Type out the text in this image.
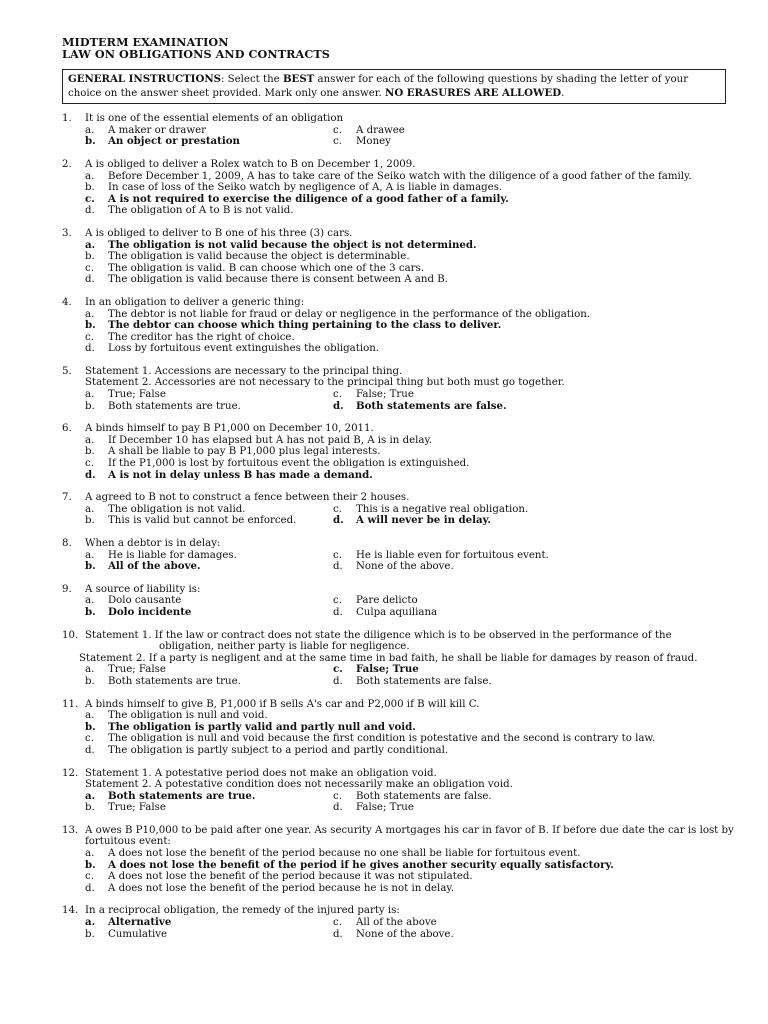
MIDTERM EXAMINATION
LAW ON OBLIGATIONS AND CONTRACTS
GENERAL INSTRUCTIONS: Select the BEST answer for each of the following questions by shading the letter of your choice on the answer sheet provided. Mark only one answer. NO ERASURES ARE ALLOWED.
1.	It is one of the essential elements of an obligation
a.	A maker or drawer	c.	A drawee
b.	An object or prestation	c.	Money
2.	A is obliged to deliver a Rolex watch to B on December 1, 2009.
a.	Before December 1, 2009, A has to take care of the Seiko watch with the diligence of a good father of the family.
b.	In case of loss of the Seiko watch by negligence of A, A is liable in damages.
c.	A is not required to exercise the diligence of a good father of a family.
d.	The obligation of A to B is not valid.
3.	A is obliged to deliver to B one of his three (3) cars.
a.	The obligation is not valid because the object is not determined.
b.	The obligation is valid because the object is determinable.
c.	The obligation is valid. B can choose which one of the 3 cars.
d.	The obligation is valid because there is consent between A and B.
4.	In an obligation to deliver a generic thing:
a.	The debtor is not liable for fraud or delay or negligence in the performance of the obligation.
b.	The debtor can choose which thing pertaining to the class to deliver.
c.	The creditor has the right of choice.
d.	Loss by fortuitous event extinguishes the obligation.
5.	Statement 1. Accessions are necessary to the principal thing.
Statement 2. Accessories are not necessary to the principal thing but both must go together.
a.	True; False	c.	False; True
b.	Both statements are true.	d.	Both statements are false.
6.	A binds himself to pay B P1,000 on December 10, 2011.
a.	If December 10 has elapsed but A has not paid B, A is in delay.
b.	A shall be liable to pay B P1,000 plus legal interests.
c.	If the P1,000 is lost by fortuitous event the obligation is extinguished.
d.	A is not in delay unless B has made a demand.
7.	A agreed to B not to construct a fence between their 2 houses.
a.	The obligation is not valid.	c.	This is a negative real obligation.
b.	This is valid but cannot be enforced.	d.	A will never be in delay.
8.	When a debtor is in delay:
a.	He is liable for damages.	c.	He is liable even for fortuitous event.
b.	All of the above.	d.	None of the above.
9.	A source of liability is:
a.	Dolo causante	c.	Pare delicto
b.	Dolo incidente	d.	Culpa aquiliana
10. Statement 1. If the law or contract does not state the diligence which is to be observed in the performance of the
obligation, neither party is liable for negligence.
Statement 2. If a party is negligent and at the same time in bad faith, he shall be liable for damages by reason of fraud.
a.	True; False	c.	False; True
b.	Both statements are true.	d.	Both statements are false.
11. A binds himself to give B, P1,000 if B sells A's car and P2,000 if B will kill C.
a.	The obligation is null and void.
b.	The obligation is partly valid and partly null and void.
c.	The obligation is null and void because the first condition is potestative and the second is contrary to law.
d.	The obligation is partly subject to a period and partly conditional.
12. Statement 1. A potestative period does not make an obligation void.
Statement 2. A potestative condition does not necessarily make an obligation void.
a.	Both statements are true.	c.	Both statements are false.
b.	True; False	d.	False; True
13. A owes B P10,000 to be paid after one year. As security A mortgages his car in favor of B. If before due date the car is lost by fortuitous event:
a.	A does not lose the benefit of the period because no one shall be liable for fortuitous event.
b.	A does not lose the benefit of the period if he gives another security equally satisfactory.
c.	A does not lose the benefit of the period because it was not stipulated.
d.	A does not lose the benefit of the period because he is not in delay.
14. In a reciprocal obligation, the remedy of the injured party is:
a.	Alternative	c.	All of the above
b.	Cumulative	d.	None of the above.
